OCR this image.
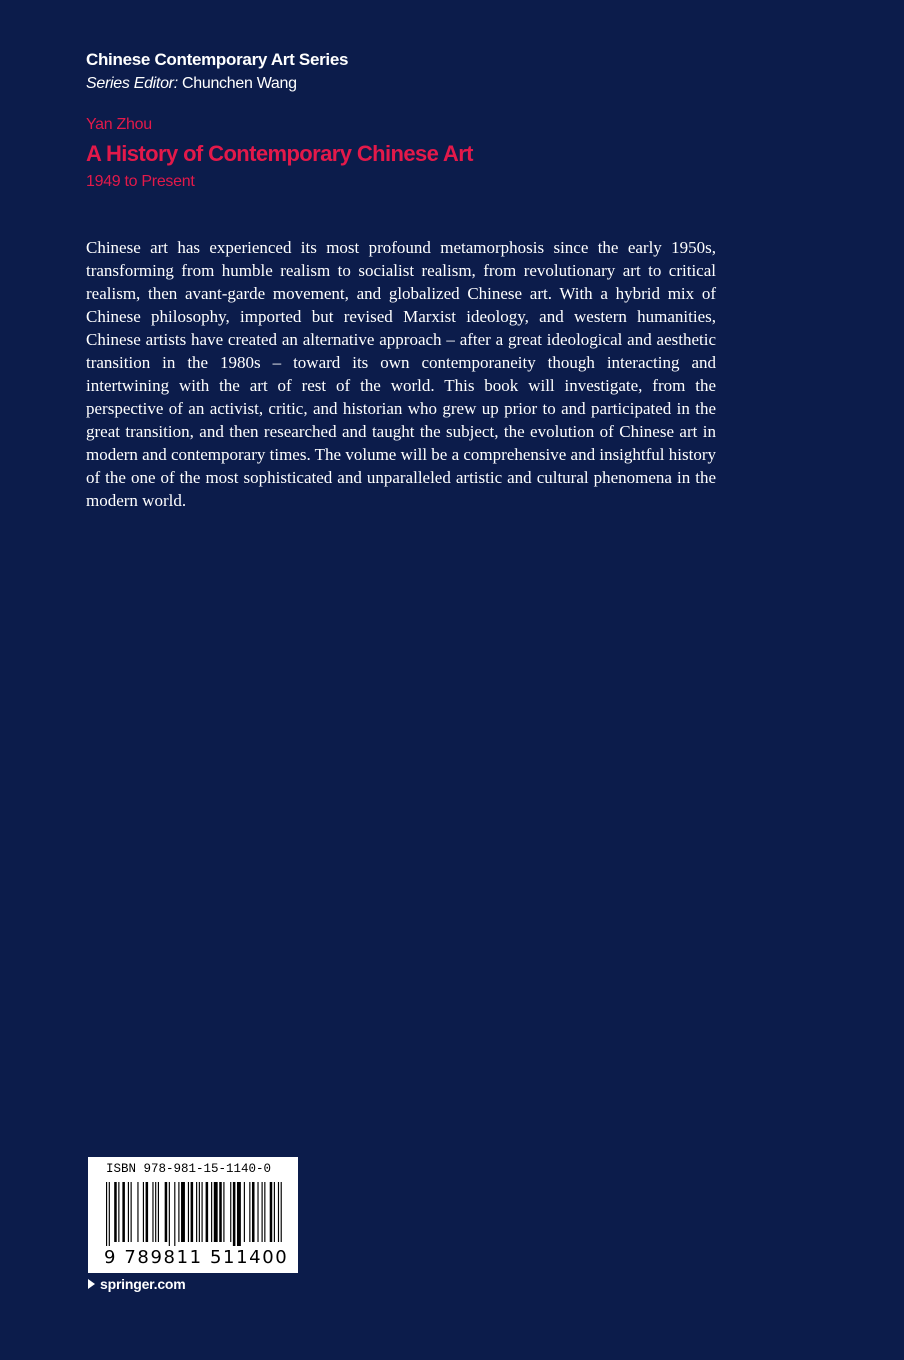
Chinese Contemporary Art Series
Series Editor: Chunchen Wang
Yan Zhou
A History of Contemporary Chinese Art
1949 to Present

Chinese art has experienced its most profound metamorphosis since the early 1950s, transforming from humble realism to socialist realism, from revolutionary art to critical realism, then avant-garde movement, and globalized Chinese art. With a hybrid mix of Chinese philosophy, imported but revised Marxist ideology, and western humanities, Chinese artists have created an alternative approach – after a great ideological and aesthetic transition in the 1980s – toward its own contemporaneity though interacting and intertwining with the art of rest of the world. This book will investigate, from the perspective of an activist, critic, and historian who grew up prior to and participated in the great transition, and then researched and taught the subject, the evolution of Chinese art in modern and contemporary times. The volume will be a comprehensive and insightful history of the one of the most sophisticated and unparalleled artistic and cultural phenomena in the modern world.

ISBN 978-981-15-1140-0
9 789811 511400
springer.com
